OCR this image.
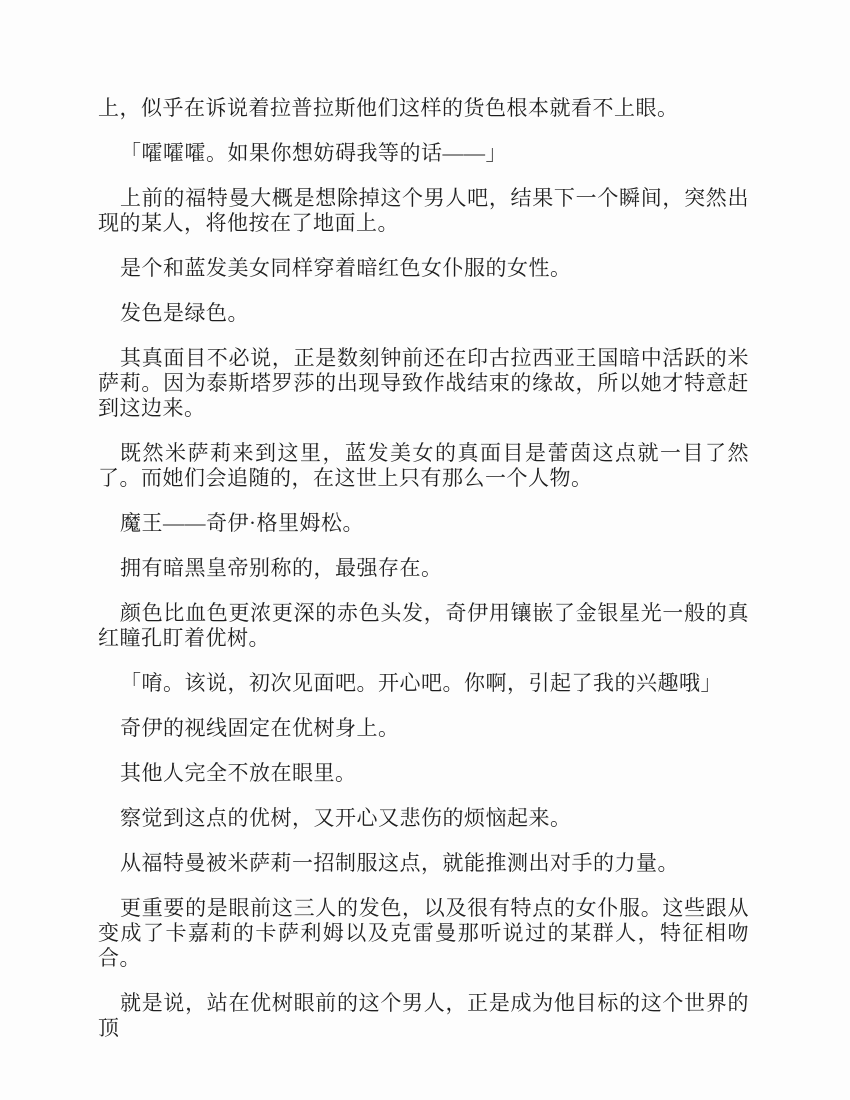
上，似乎在诉说着拉普拉斯他们这样的货色根本就看不上眼。

「嚯嚯嚯。如果你想妨碍我等的话——」

上前的福特曼大概是想除掉这个男人吧，结果下一个瞬间，突然出现的某人，将他按在了地面上。

是个和蓝发美女同样穿着暗红色女仆服的女性。

发色是绿色。

其真面目不必说，正是数刻钟前还在印古拉西亚王国暗中活跃的米萨莉。因为泰斯塔罗莎的出现导致作战结束的缘故，所以她才特意赶到这边来。

既然米萨莉来到这里，蓝发美女的真面目是蕾茵这点就一目了然了。而她们会追随的，在这世上只有那么一个人物。

魔王——奇伊·格里姆松。

拥有暗黑皇帝别称的，最强存在。

颜色比血色更浓更深的赤色头发，奇伊用镶嵌了金银星光一般的真红瞳孔盯着优树。

「唷。该说，初次见面吧。开心吧。你啊，引起了我的兴趣哦」

奇伊的视线固定在优树身上。

其他人完全不放在眼里。

察觉到这点的优树，又开心又悲伤的烦恼起来。

从福特曼被米萨莉一招制服这点，就能推测出对手的力量。

更重要的是眼前这三人的发色，以及很有特点的女仆服。这些跟从变成了卡嘉莉的卡萨利姆以及克雷曼那听说过的某群人，特征相吻合。

就是说，站在优树眼前的这个男人，正是成为他目标的这个世界的顶
